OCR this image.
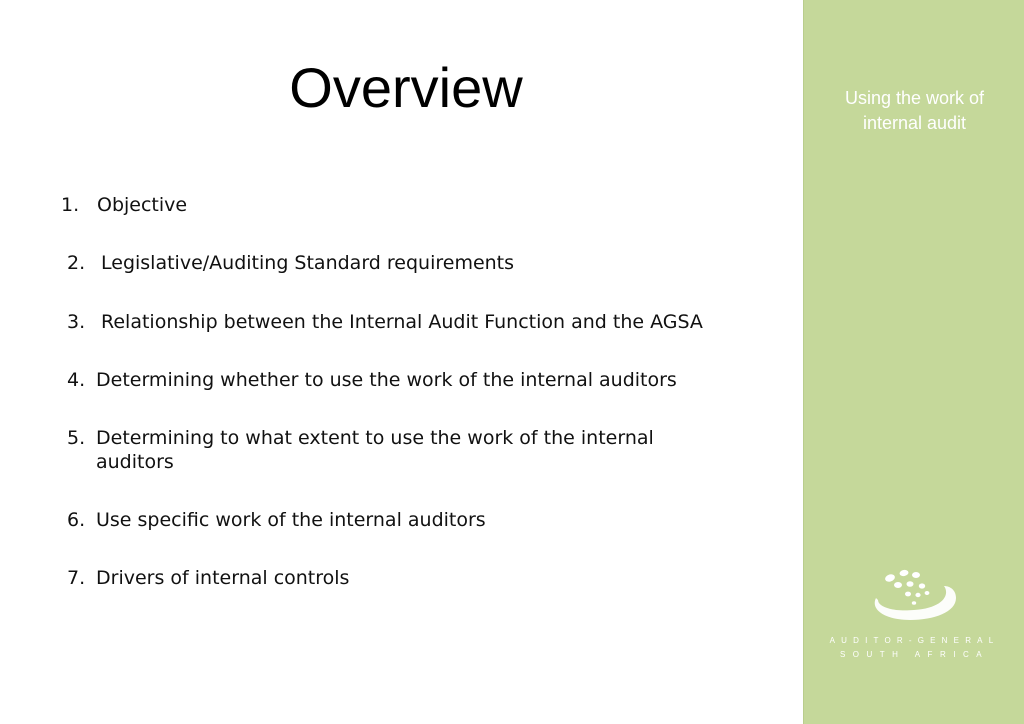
Overview
1. Objective
2. Legislative/Auditing Standard requirements
3. Relationship between the Internal Audit Function and the AGSA
4. Determining whether to use the work of the internal auditors
5. Determining to what extent to use the work of the internal auditors
6. Use specific work of the internal auditors
7. Drivers of internal controls
Using the work of
internal audit
AUDITOR-GENERAL
SOUTH AFRICA
